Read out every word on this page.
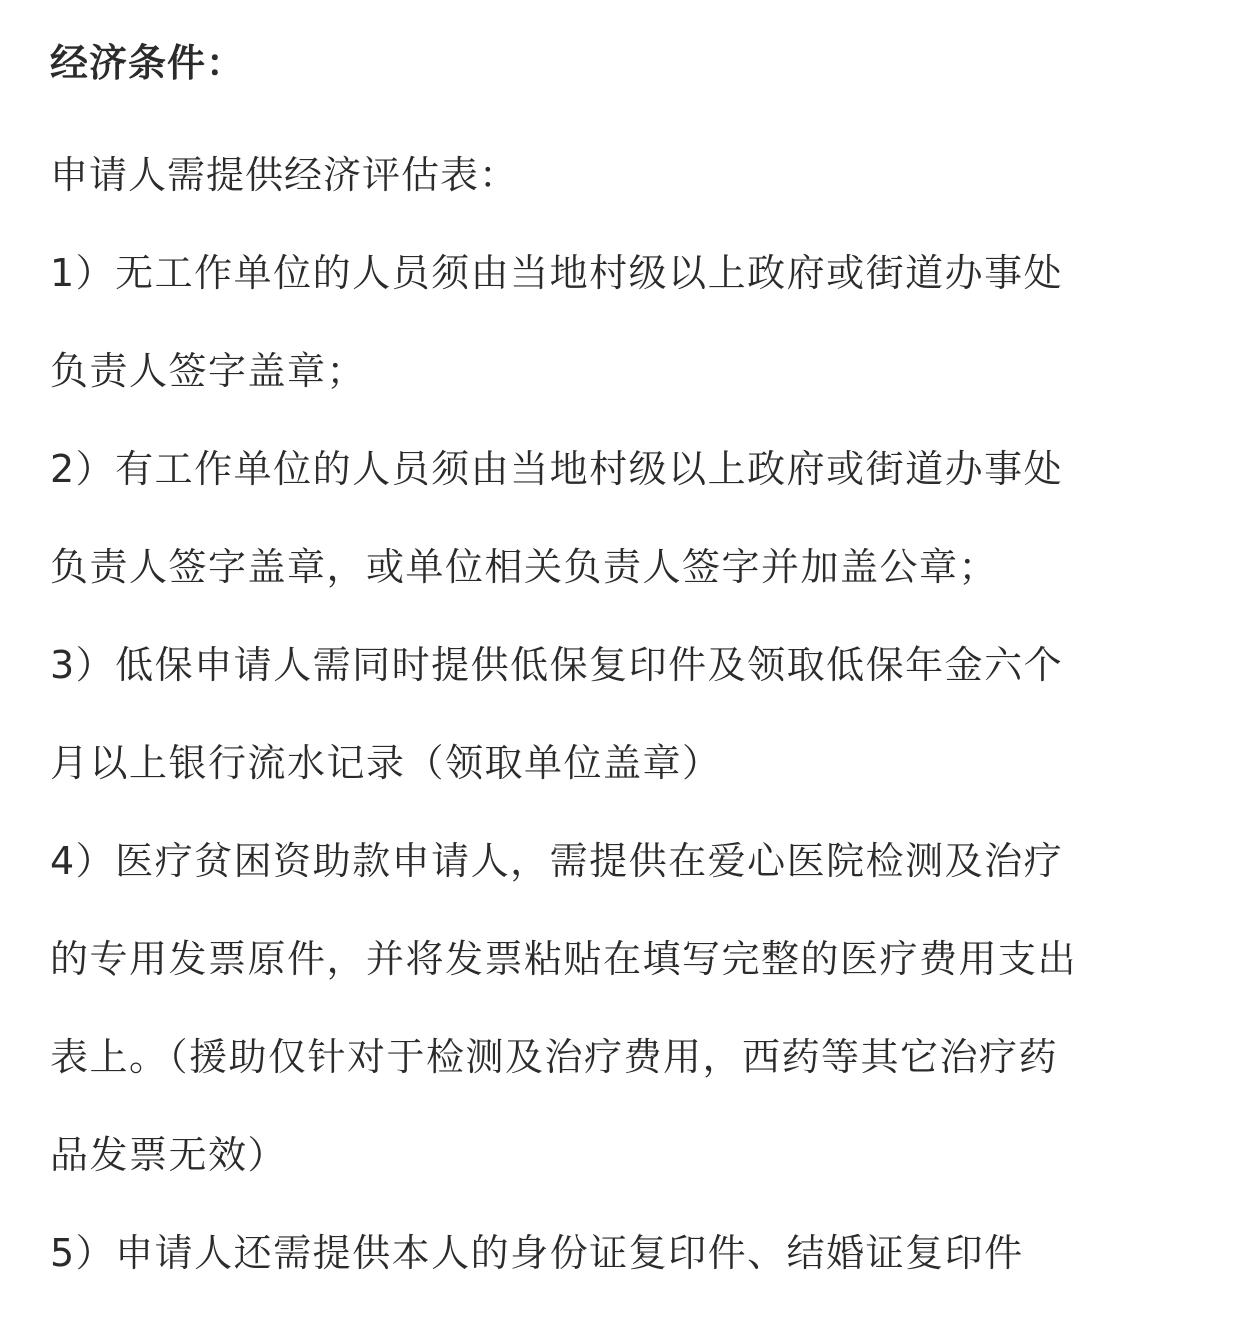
经济条件：
申请人需提供经济评估表：
1）无工作单位的人员须由当地村级以上政府或街道办事处
负责人签字盖章；
2）有工作单位的人员须由当地村级以上政府或街道办事处
负责人签字盖章，或单位相关负责人签字并加盖公章；
3）低保申请人需同时提供低保复印件及领取低保年金六个
月以上银行流水记录（领取单位盖章）
4）医疗贫困资助款申请人，需提供在爱心医院检测及治疗
的专用发票原件，并将发票粘贴在填写完整的医疗费用支出
表上。（援助仅针对于检测及治疗费用，西药等其它治疗药
品发票无效）
5）申请人还需提供本人的身份证复印件、结婚证复印件
